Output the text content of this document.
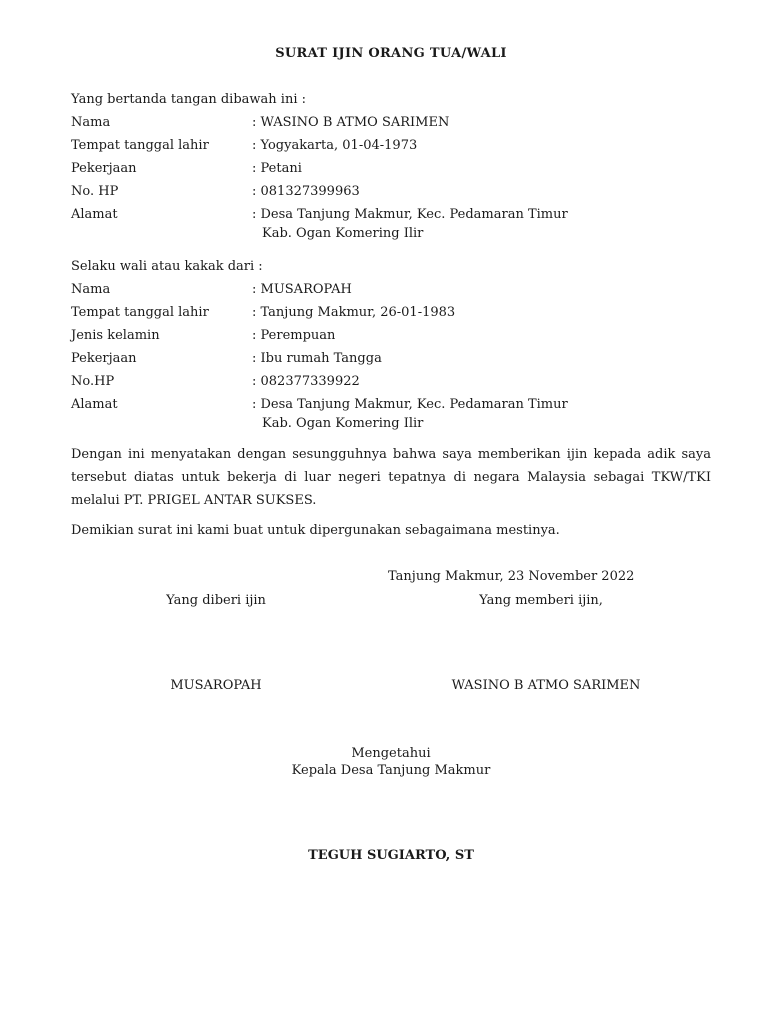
SURAT IJIN ORANG TUA/WALI
Yang bertanda tangan dibawah ini :
Nama	: WASINO B ATMO SARIMEN
Tempat tanggal lahir	: Yogyakarta, 01-04-1973
Pekerjaan	: Petani
No. HP	: 081327399963
Alamat	: Desa Tanjung Makmur, Kec. Pedamaran Timur
Kab. Ogan Komering Ilir
Selaku wali atau kakak dari :
Nama	: MUSAROPAH
Tempat tanggal lahir	: Tanjung Makmur, 26-01-1983
Jenis kelamin	: Perempuan
Pekerjaan	: Ibu rumah Tangga
No.HP	: 082377339922
Alamat	: Desa Tanjung Makmur, Kec. Pedamaran Timur
Kab. Ogan Komering Ilir
Dengan ini menyatakan dengan sesungguhnya bahwa saya memberikan ijin kepada adik saya tersebut diatas untuk bekerja di luar negeri tepatnya di negara Malaysia sebagai TKW/TKI melalui PT. PRIGEL ANTAR SUKSES.
Demikian surat ini kami buat untuk dipergunakan sebagaimana mestinya.
Tanjung Makmur, 23 November 2022
Yang diberi ijin	Yang memberi ijin,
MUSAROPAH	WASINO B ATMO SARIMEN
Mengetahui
Kepala Desa Tanjung Makmur
TEGUH SUGIARTO, ST
